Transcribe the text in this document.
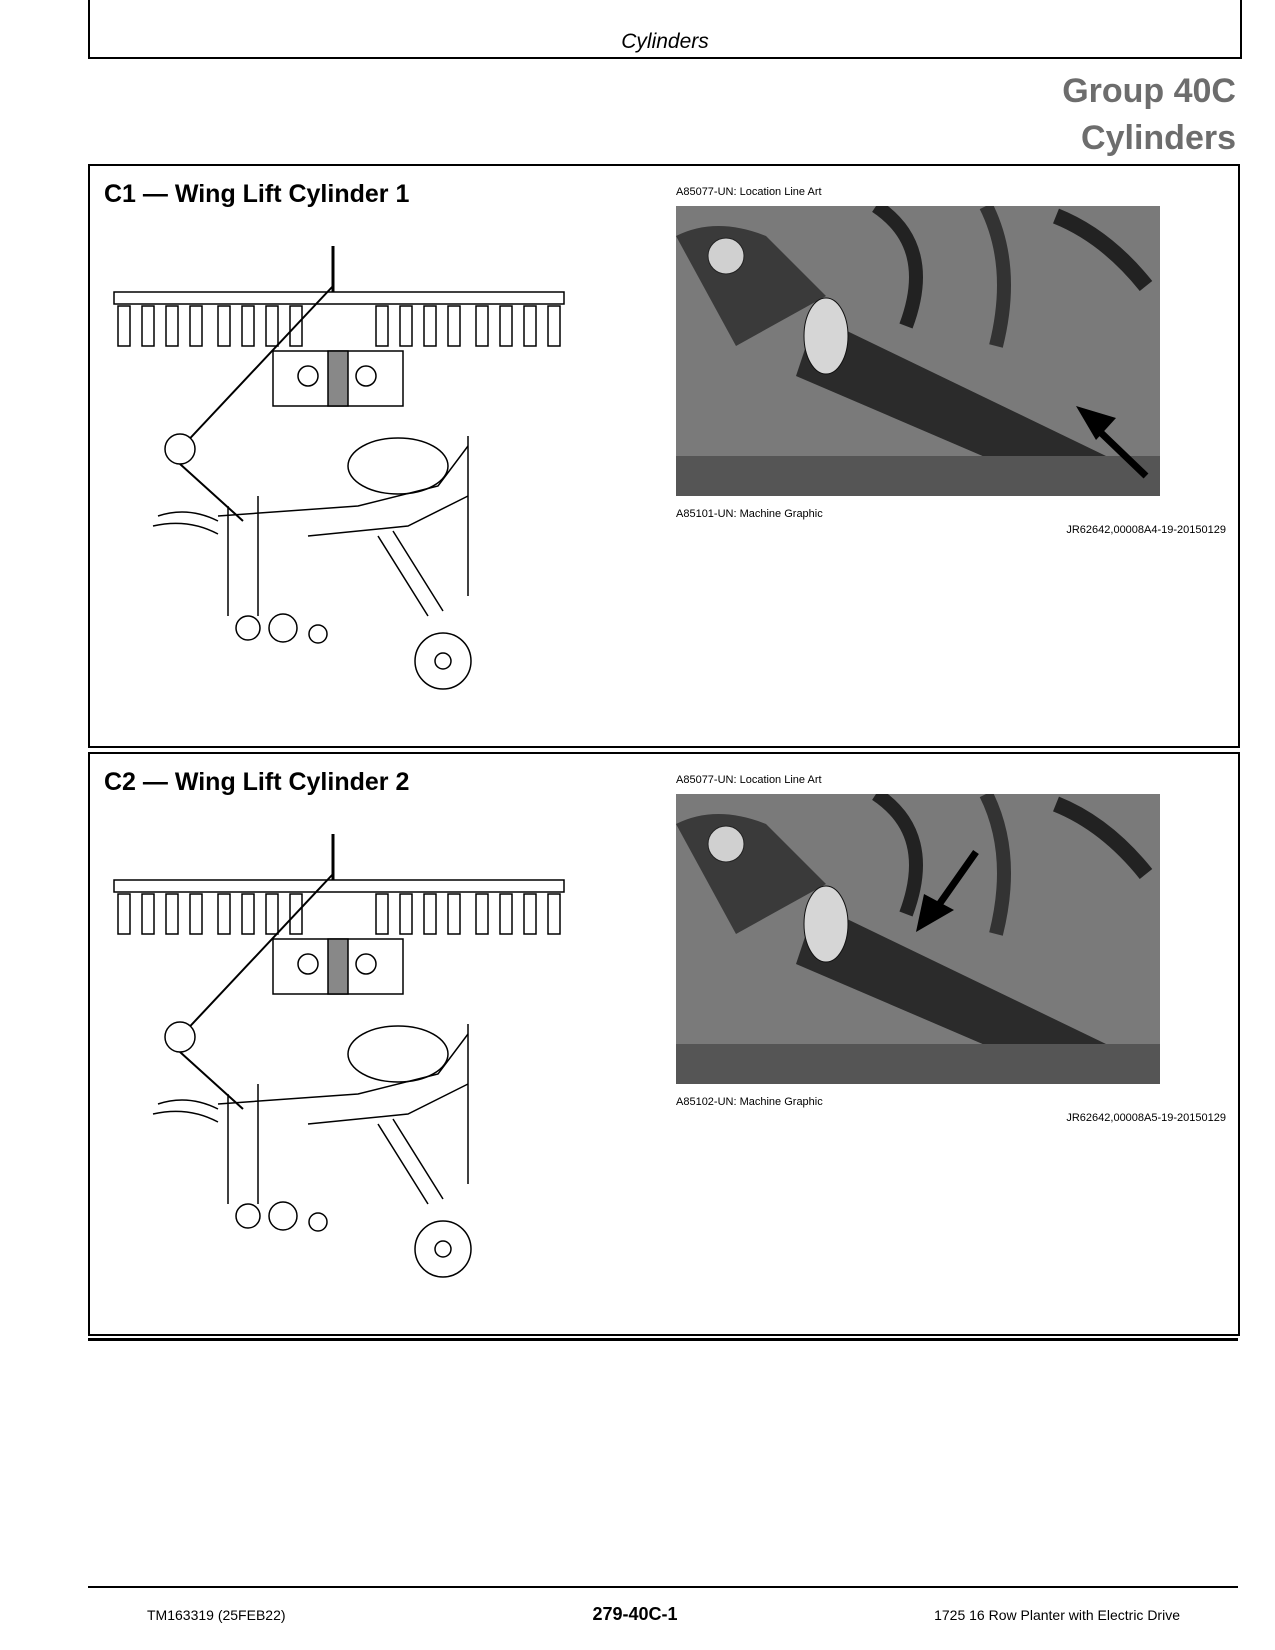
Cylinders
Group 40C
Cylinders
C1 — Wing Lift Cylinder 1	A85077-UN: Location Line Art
A85101-UN: Machine Graphic
JR62642,00008A4-19-20150129
C2 — Wing Lift Cylinder 2	A85077-UN: Location Line Art
A85102-UN: Machine Graphic
JR62642,00008A5-19-20150129
TM163319 (25FEB22)	279-40C-1	1725 16 Row Planter with Electric Drive
